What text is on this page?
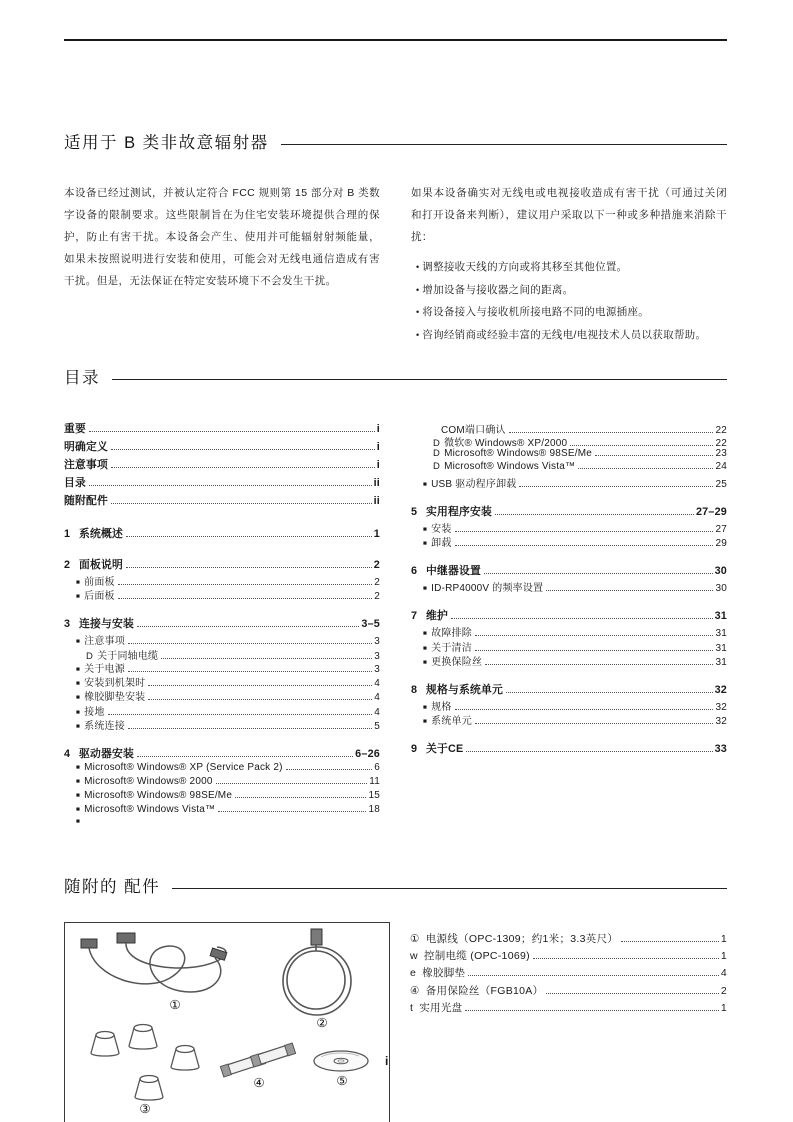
适用于 B 类非故意辐射器

本设备已经过测试，并被认定符合 FCC 规则第 15 部分对 B 类数字设备的限制要求。这些限制旨在为住宅安装环境提供合理的保护，防止有害干扰。本设备会产生、使用并可能辐射射频能量，如果未按照说明进行安装和使用，可能会对无线电通信造成有害干扰。但是，无法保证在特定安装环境下不会发生干扰。

如果本设备确实对无线电或电视接收造成有害干扰（可通过关闭和打开设备来判断），建议用户采取以下一种或多种措施来消除干扰：

• 调整接收天线的方向或将其移至其他位置。
• 增加设备与接收器之间的距离。
• 将设备接入与接收机所接电路不同的电源插座。
• 咨询经销商或经验丰富的无线电/电视技术人员以获取帮助。
目录
重要	i
明确定义	i
注意事项	i
目录	ii
随附配件	ii
1 系统概述	1
2 面板说明	2
■ 前面板	2
■ 后面板	2
3 连接与安装	3–5
■ 注意事项	3
D 关于同轴电缆	3
■ 关于电源	3
■ 安装到机架时	4
■ 橡胶脚垫安装	4
■ 接地	4
■ 系统连接	5
4 驱动器安装	6–26
■ Microsoft® Windows® XP (Service Pack 2)	6
■ Microsoft® Windows® 2000	11
■ Microsoft® Windows® 98SE/Me	15
■ Microsoft® Windows Vista™	18
■
COM端口确认	22
D 微软® Windows® XP/2000	22
D Microsoft® Windows® 98SE/Me	23
D Microsoft® Windows Vista™	24
■ USB 驱动程序卸载	25
5 实用程序安装	27–29
■ 安装	27
■ 卸载	29
6 中继器设置	30
■ ID-RP4000V 的频率设置	30
7 维护	31
■ 故障排除	31
■ 关于清洁	31
■ 更换保险丝	31
8 规格与系统单元	32
■ 规格	32
■ 系统单元	32
9 关于CE	33
随附的 配件
①
②
③
④	⑤
① 电源线（OPC-1309；约1米；3.3英尺）	1
w 控制电缆 (OPC-1069)	1
e 橡胶脚垫	4
④ 备用保险丝（FGB10A）	2
t 实用光盘	1
i
